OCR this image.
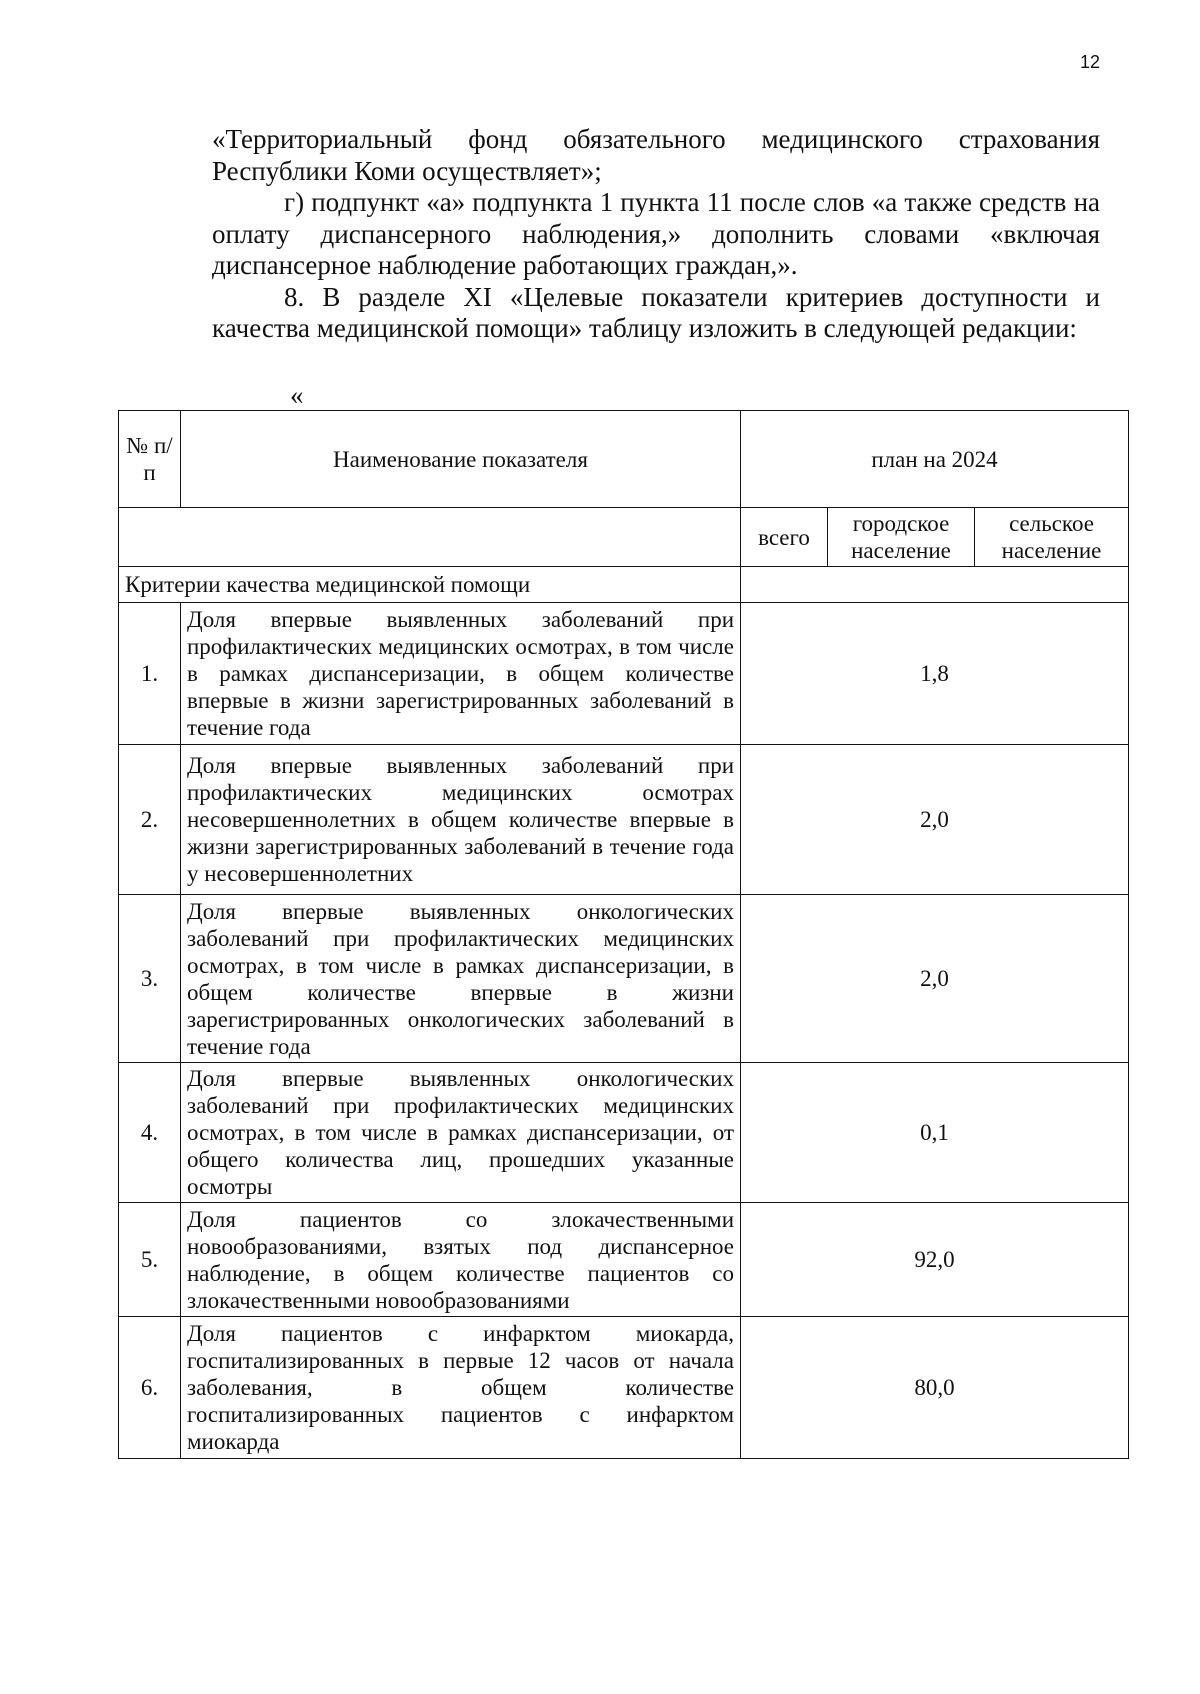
12

«Территориальный фонд обязательного медицинского страхования Республики Коми осуществляет»;

г) подпункт «а» подпункта 1 пункта 11 после слов «а также средств на оплату диспансерного наблюдения,» дополнить словами «включая диспансерное наблюдение работающих граждан,».

8. В разделе XI «Целевые показатели критериев доступности и качества медицинской помощи» таблицу изложить в следующей редакции:

«
№ п/п	Наименование показателя	план на 2024		
		всего	городское население	сельское население
Критерии качества медицинской помощи				
1.	Доля впервые выявленных заболеваний при профилактических медицинских осмотрах, в том числе в рамках диспансеризации, в общем количестве впервые в жизни зарегистрированных заболеваний в течение года	1,8		
2.	Доля впервые выявленных заболеваний при профилактических медицинских осмотрах несовершеннолетних в общем количестве впервые в жизни зарегистрированных заболеваний в течение года у несовершеннолетних	2,0		
3.	Доля впервые выявленных онкологических заболеваний при профилактических медицинских осмотрах, в том числе в рамках диспансеризации, в общем количестве впервые в жизни зарегистрированных онкологических заболеваний в течение года	2,0		
4.	Доля впервые выявленных онкологических заболеваний при профилактических медицинских осмотрах, в том числе в рамках диспансеризации, от общего количества лиц, прошедших указанные осмотры	0,1		
5.	Доля пациентов со злокачественными новообразованиями, взятых под диспансерное наблюдение, в общем количестве пациентов со злокачественными новообразованиями	92,0		
6.	Доля пациентов с инфарктом миокарда, госпитализированных в первые 12 часов от начала заболевания, в общем количестве госпитализированных пациентов с инфарктом миокарда	80,0		
